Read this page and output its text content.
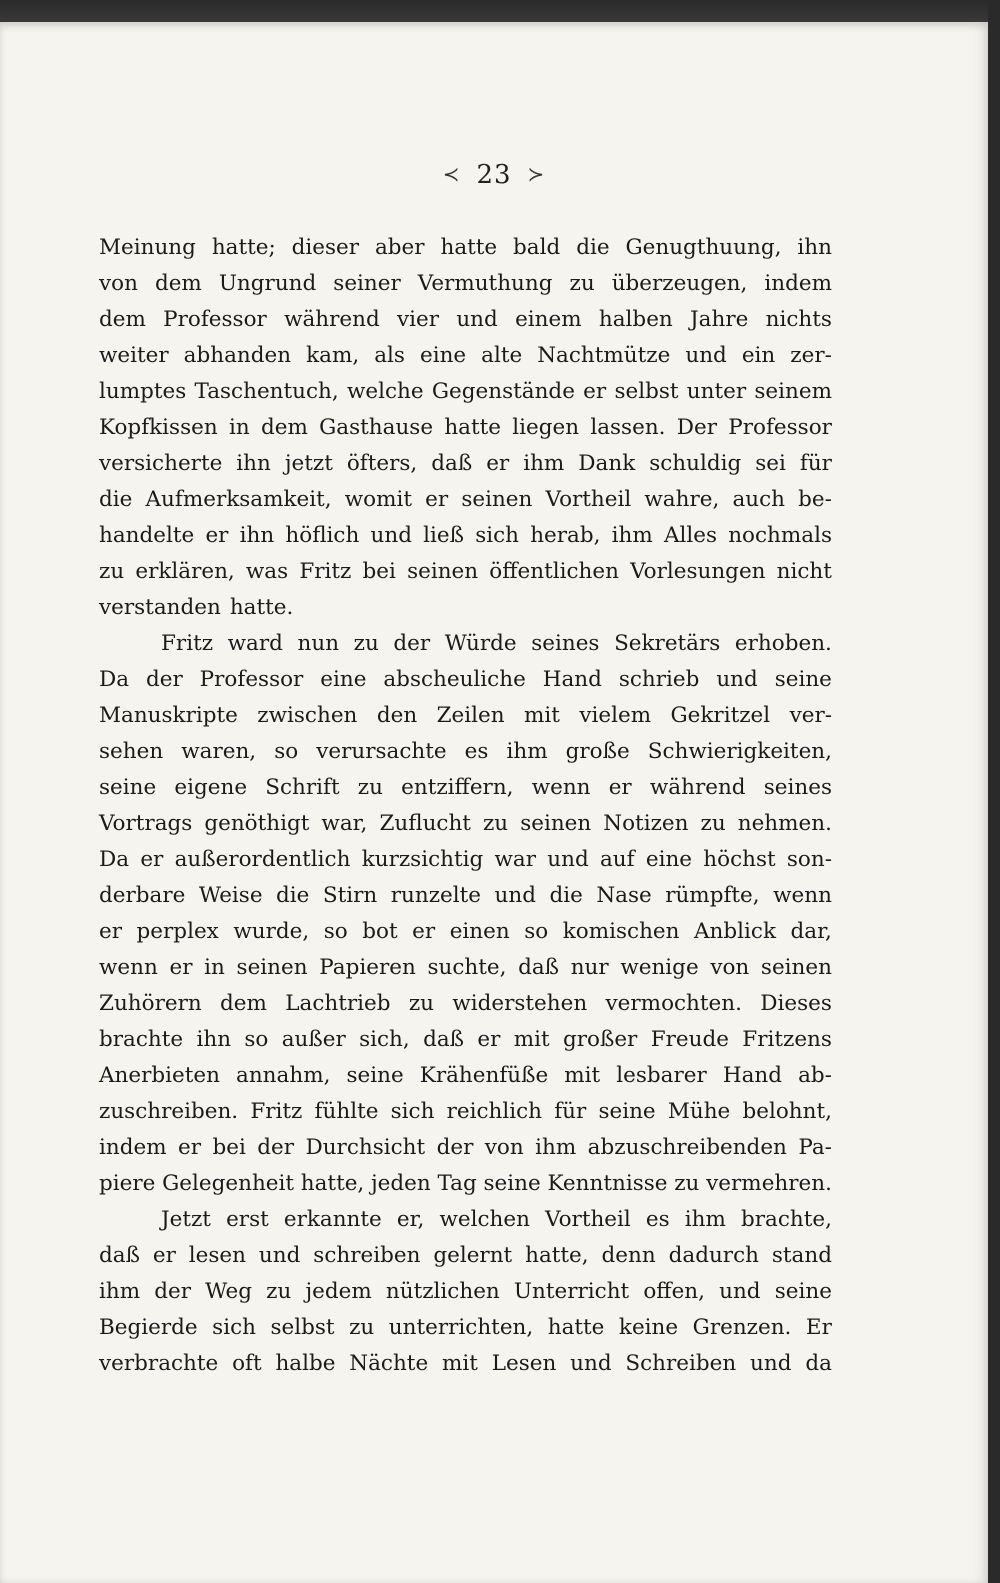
≺ 23 ≻
Meinung hatte; dieser aber hatte bald die Genugthuung, ihn
von dem Ungrund seiner Vermuthung zu überzeugen, indem
dem Professor während vier und einem halben Jahre nichts
weiter abhanden kam, als eine alte Nachtmütze und ein zer-
lumptes Taschentuch, welche Gegenstände er selbst unter seinem
Kopfkissen in dem Gasthause hatte liegen lassen. Der Professor
versicherte ihn jetzt öfters, daß er ihm Dank schuldig sei für
die Aufmerksamkeit, womit er seinen Vortheil wahre, auch be-
handelte er ihn höflich und ließ sich herab, ihm Alles nochmals
zu erklären, was Fritz bei seinen öffentlichen Vorlesungen nicht
verstanden hatte.
Fritz ward nun zu der Würde seines Sekretärs erhoben.
Da der Professor eine abscheuliche Hand schrieb und seine
Manuskripte zwischen den Zeilen mit vielem Gekritzel ver-
sehen waren, so verursachte es ihm große Schwierigkeiten,
seine eigene Schrift zu entziffern, wenn er während seines
Vortrags genöthigt war, Zuflucht zu seinen Notizen zu nehmen.
Da er außerordentlich kurzsichtig war und auf eine höchst son-
derbare Weise die Stirn runzelte und die Nase rümpfte, wenn
er perplex wurde, so bot er einen so komischen Anblick dar,
wenn er in seinen Papieren suchte, daß nur wenige von seinen
Zuhörern dem Lachtrieb zu widerstehen vermochten. Dieses
brachte ihn so außer sich, daß er mit großer Freude Fritzens
Anerbieten annahm, seine Krähenfüße mit lesbarer Hand ab-
zuschreiben. Fritz fühlte sich reichlich für seine Mühe belohnt,
indem er bei der Durchsicht der von ihm abzuschreibenden Pa-
piere Gelegenheit hatte, jeden Tag seine Kenntnisse zu vermehren.
Jetzt erst erkannte er, welchen Vortheil es ihm brachte,
daß er lesen und schreiben gelernt hatte, denn dadurch stand
ihm der Weg zu jedem nützlichen Unterricht offen, und seine
Begierde sich selbst zu unterrichten, hatte keine Grenzen. Er
verbrachte oft halbe Nächte mit Lesen und Schreiben und da
